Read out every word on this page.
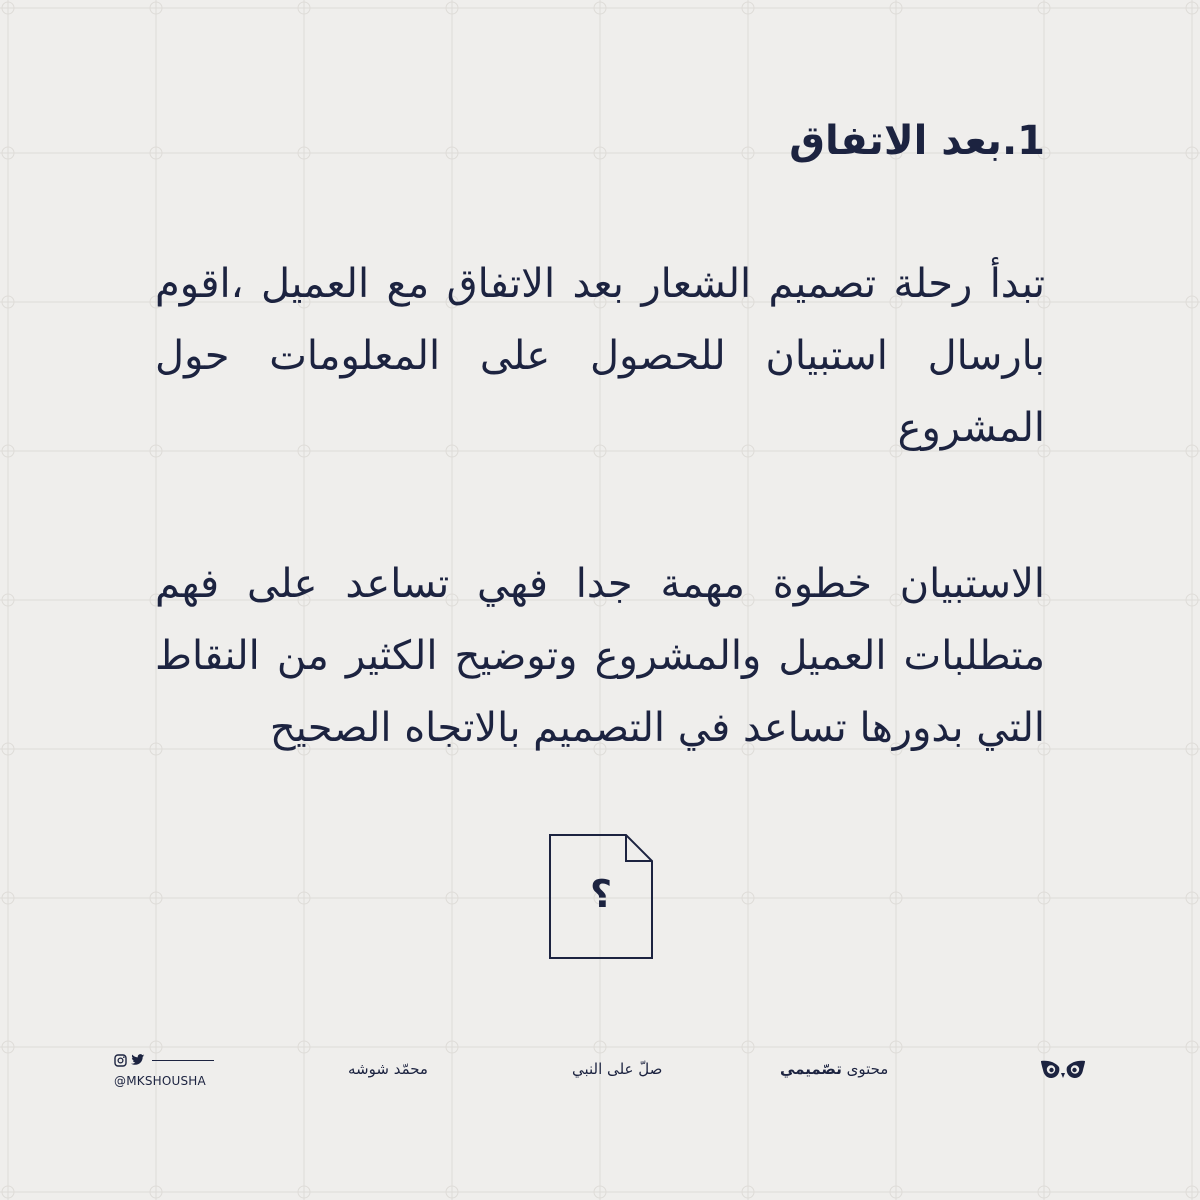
1.بعد الاتفاق

تبدأ رحلة تصميم الشعار بعد الاتفاق مع العميل ،اقوم بارسال استبيان للحصول على المعلومات حول المشروع

الاستبيان خطوة مهمة جدا فهي تساعد على فهم متطلبات العميل والمشروع وتوضيح الكثير من النقاط التي بدورها تساعد في التصميم بالاتجاه الصحيح

؟
@MKSHOUSHA
محمّد شوشه	صلّ على النبي	محتوى تصّميمي
